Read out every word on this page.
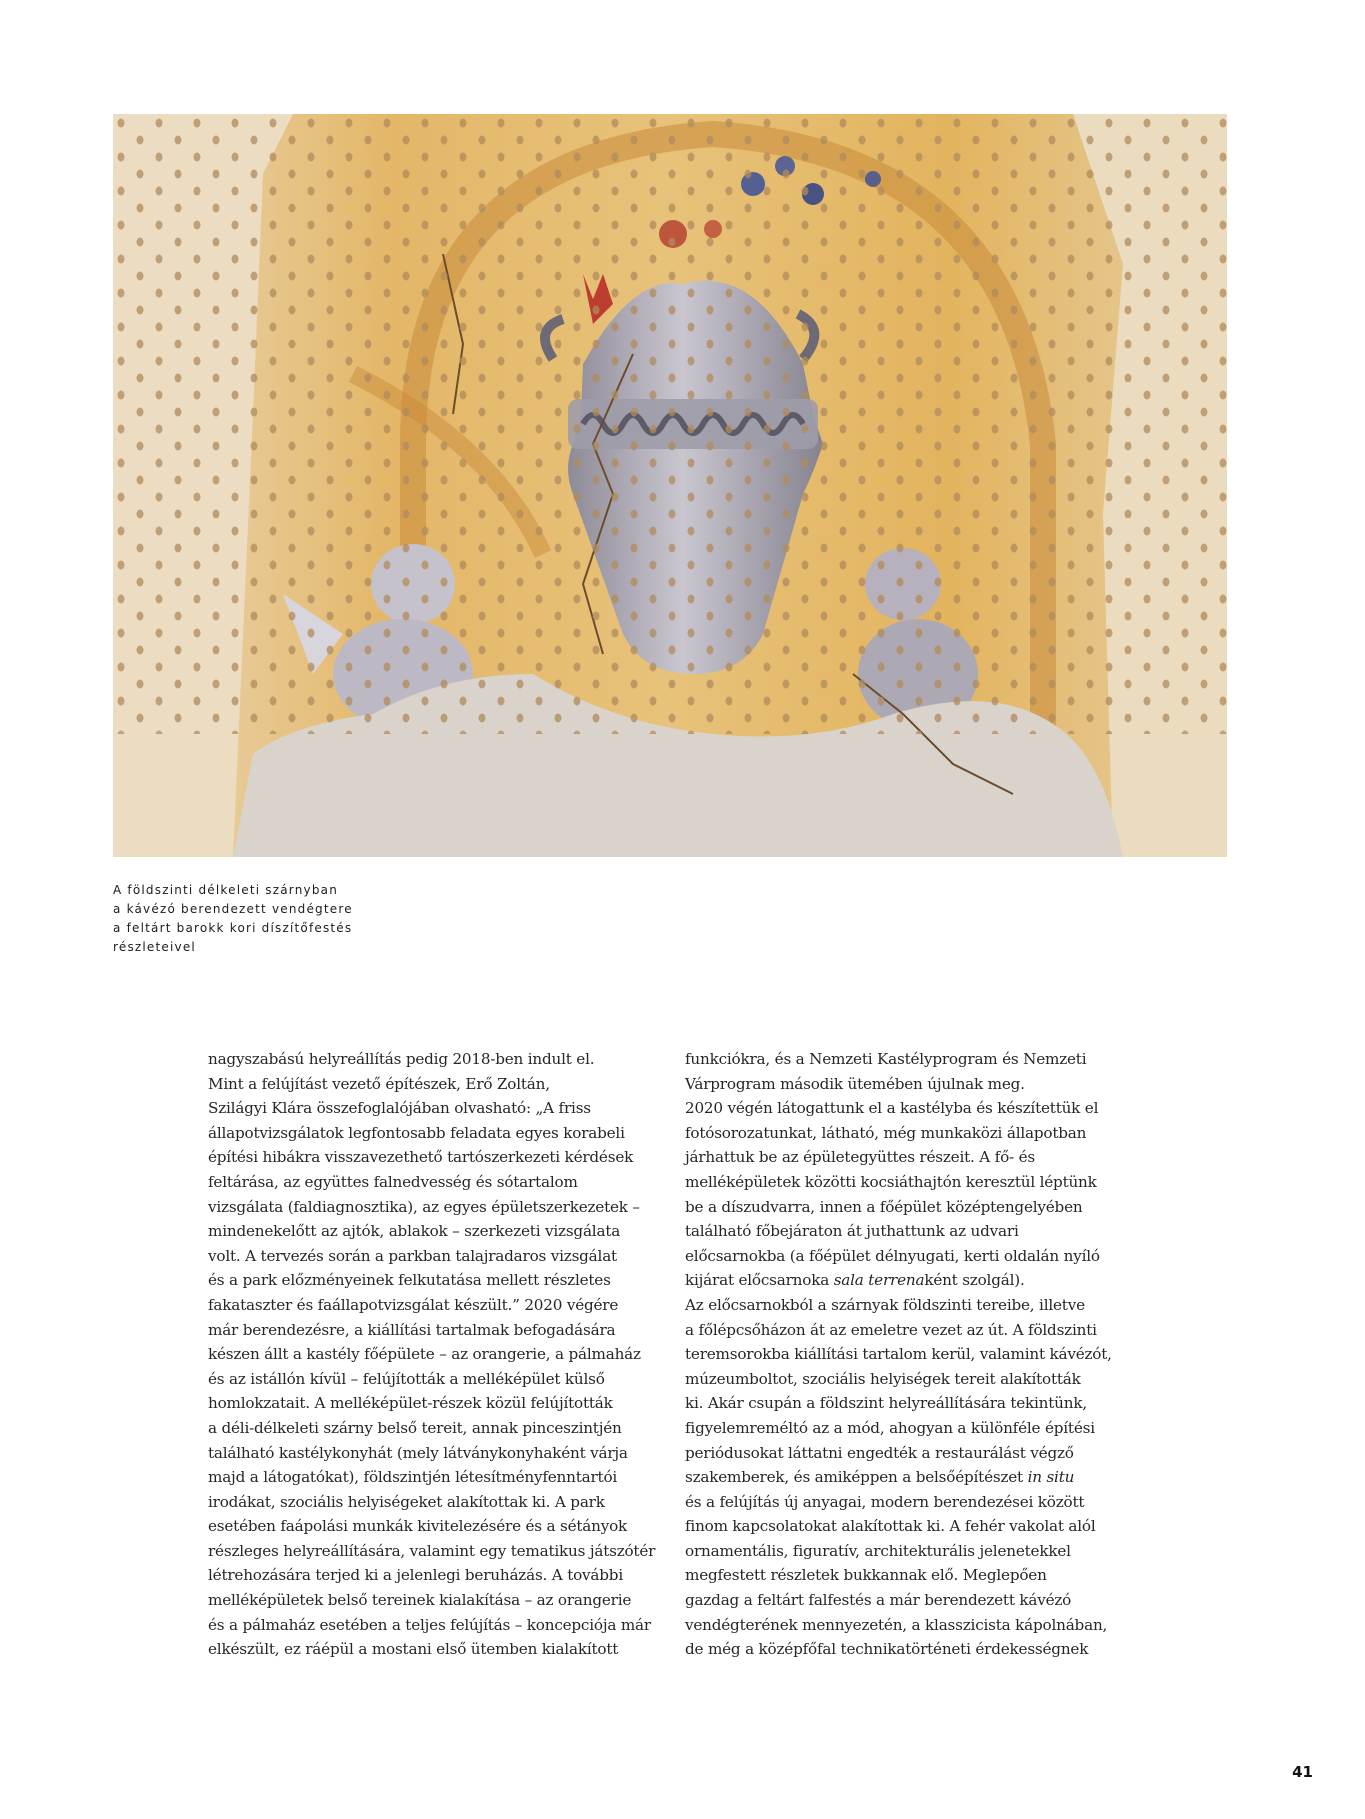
A földszinti délkeleti szárnyban
a kávézó berendezett vendégtere
a feltárt barokk kori díszítőfestés
részleteivel
nagyszabású helyreállítás pedig 2018-ben indult el.
Mint a felújítást vezető építészek, Erő Zoltán,
Szilágyi Klára összefoglalójában olvasható: „A friss
állapotvizsgálatok legfontosabb feladata egyes korabeli
építési hibákra visszavezethető tartószerkezeti kérdések
feltárása, az együttes falnedvesség és sótartalom
vizsgálata (faldiagnosztika), az egyes épületszerkezetek –
mindenekelőtt az ajtók, ablakok – szerkezeti vizsgálata
volt. A tervezés során a parkban talajradaros vizsgálat
és a park előzményeinek felkutatása mellett részletes
fakataszter és faállapotvizsgálat készült.” 2020 végére
már berendezésre, a kiállítási tartalmak befogadására
készen állt a kastély főépülete – az orangerie, a pálmaház
és az istállón kívül – felújították a melléképület külső
homlokzatait. A melléképület-részek közül felújították
a déli-délkeleti szárny belső tereit, annak pinceszintjén
található kastélykonyhát (mely látványkonyhaként várja
majd a látogatókat), földszintjén létesítményfenntartói
irodákat, szociális helyiségeket alakítottak ki. A park
esetében faápolási munkák kivitelezésére és a sétányok
részleges helyreállítására, valamint egy tematikus játszótér
létrehozására terjed ki a jelenlegi beruházás. A további
melléképületek belső tereinek kialakítása – az orangerie
és a pálmaház esetében a teljes felújítás – koncepciója már
elkészült, ez ráépül a mostani első ütemben kialakított
funkciókra, és a Nemzeti Kastélyprogram és Nemzeti
Várprogram második ütemében újulnak meg.
2020 végén látogattunk el a kastélyba és készítettük el
fotósorozatunkat, látható, még munkaközi állapotban
járhattuk be az épületegyüttes részeit. A fő- és
melléképületek közötti kocsiáthajtón keresztül léptünk
be a díszudvarra, innen a főépület középtengelyében
található főbejáraton át juthattunk az udvari
előcsarnokba (a főépület délnyugati, kerti oldalán nyíló
kijárat előcsarnoka sala terrenaként szolgál).
Az előcsarnokból a szárnyak földszinti tereibe, illetve
a főlépcsőházon át az emeletre vezet az út. A földszinti
teremsorokba kiállítási tartalom kerül, valamint kávézót,
múzeumboltot, szociális helyiségek tereit alakították
ki. Akár csupán a földszint helyreállítására tekintünk,
figyelemreméltó az a mód, ahogyan a különféle építési
periódusokat láttatni engedték a restaurálást végző
szakemberek, és amiképpen a belsőépítészet in situ
és a felújítás új anyagai, modern berendezései között
finom kapcsolatokat alakítottak ki. A fehér vakolat alól
ornamentális, figuratív, architekturális jelenetekkel
megfestett részletek bukkannak elő. Meglepően
gazdag a feltárt falfestés a már berendezett kávézó
vendégterének mennyezetén, a klasszicista kápolnában,
de még a középfőfal technikatörténeti érdekességnek
41
